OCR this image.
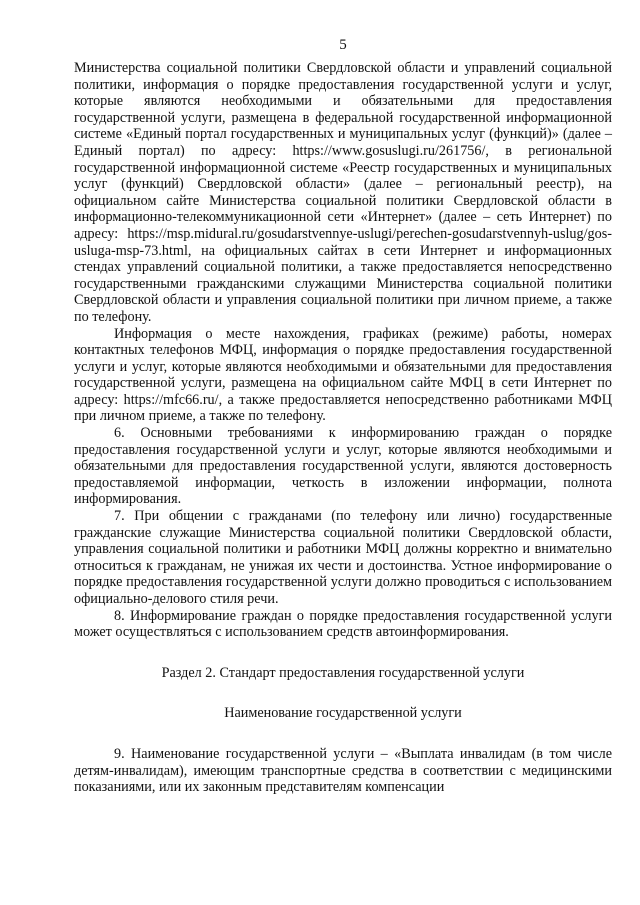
5

Министерства социальной политики Свердловской области и управлений социальной политики, информация о порядке предоставления государственной услуги и услуг, которые являются необходимыми и обязательными для предоставления государственной услуги, размещена в федеральной государственной информационной системе «Единый портал государственных и муниципальных услуг (функций)» (далее – Единый портал) по адресу: https://www.gosuslugi.ru/261756/, в региональной государственной информационной системе «Реестр государственных и муниципальных услуг (функций) Свердловской области» (далее – региональный реестр), на официальном сайте Министерства социальной политики Свердловской области в информационно-телекоммуникационной сети «Интернет» (далее – сеть Интернет) по адресу: https://msp.midural.ru/gosudarstvennye-uslugi/perechen-gosudarstvennyh-uslug/gos-usluga-msp-73.html, на официальных сайтах в сети Интернет и информационных стендах управлений социальной политики, а также предоставляется непосредственно государственными гражданскими служащими Министерства социальной политики Свердловской области и управления социальной политики при личном приеме, а также по телефону.

Информация о месте нахождения, графиках (режиме) работы, номерах контактных телефонов МФЦ, информация о порядке предоставления государственной услуги и услуг, которые являются необходимыми и обязательными для предоставления государственной услуги, размещена на официальном сайте МФЦ в сети Интернет по адресу: https://mfc66.ru/, а также предоставляется непосредственно работниками МФЦ при личном приеме, а также по телефону.

6. Основными требованиями к информированию граждан о порядке предоставления государственной услуги и услуг, которые являются необходимыми и обязательными для предоставления государственной услуги, являются достоверность предоставляемой информации, четкость в изложении информации, полнота информирования.

7. При общении с гражданами (по телефону или лично) государственные гражданские служащие Министерства социальной политики Свердловской области, управления социальной политики и работники МФЦ должны корректно и внимательно относиться к гражданам, не унижая их чести и достоинства. Устное информирование о порядке предоставления государственной услуги должно проводиться с использованием официально-делового стиля речи.

8. Информирование граждан о порядке предоставления государственной услуги может осуществляться с использованием средств автоинформирования.

Раздел 2. Стандарт предоставления государственной услуги

Наименование государственной услуги

9. Наименование государственной услуги – «Выплата инвалидам (в том числе детям-инвалидам), имеющим транспортные средства в соответствии с медицинскими показаниями, или их законным представителям компенсации
